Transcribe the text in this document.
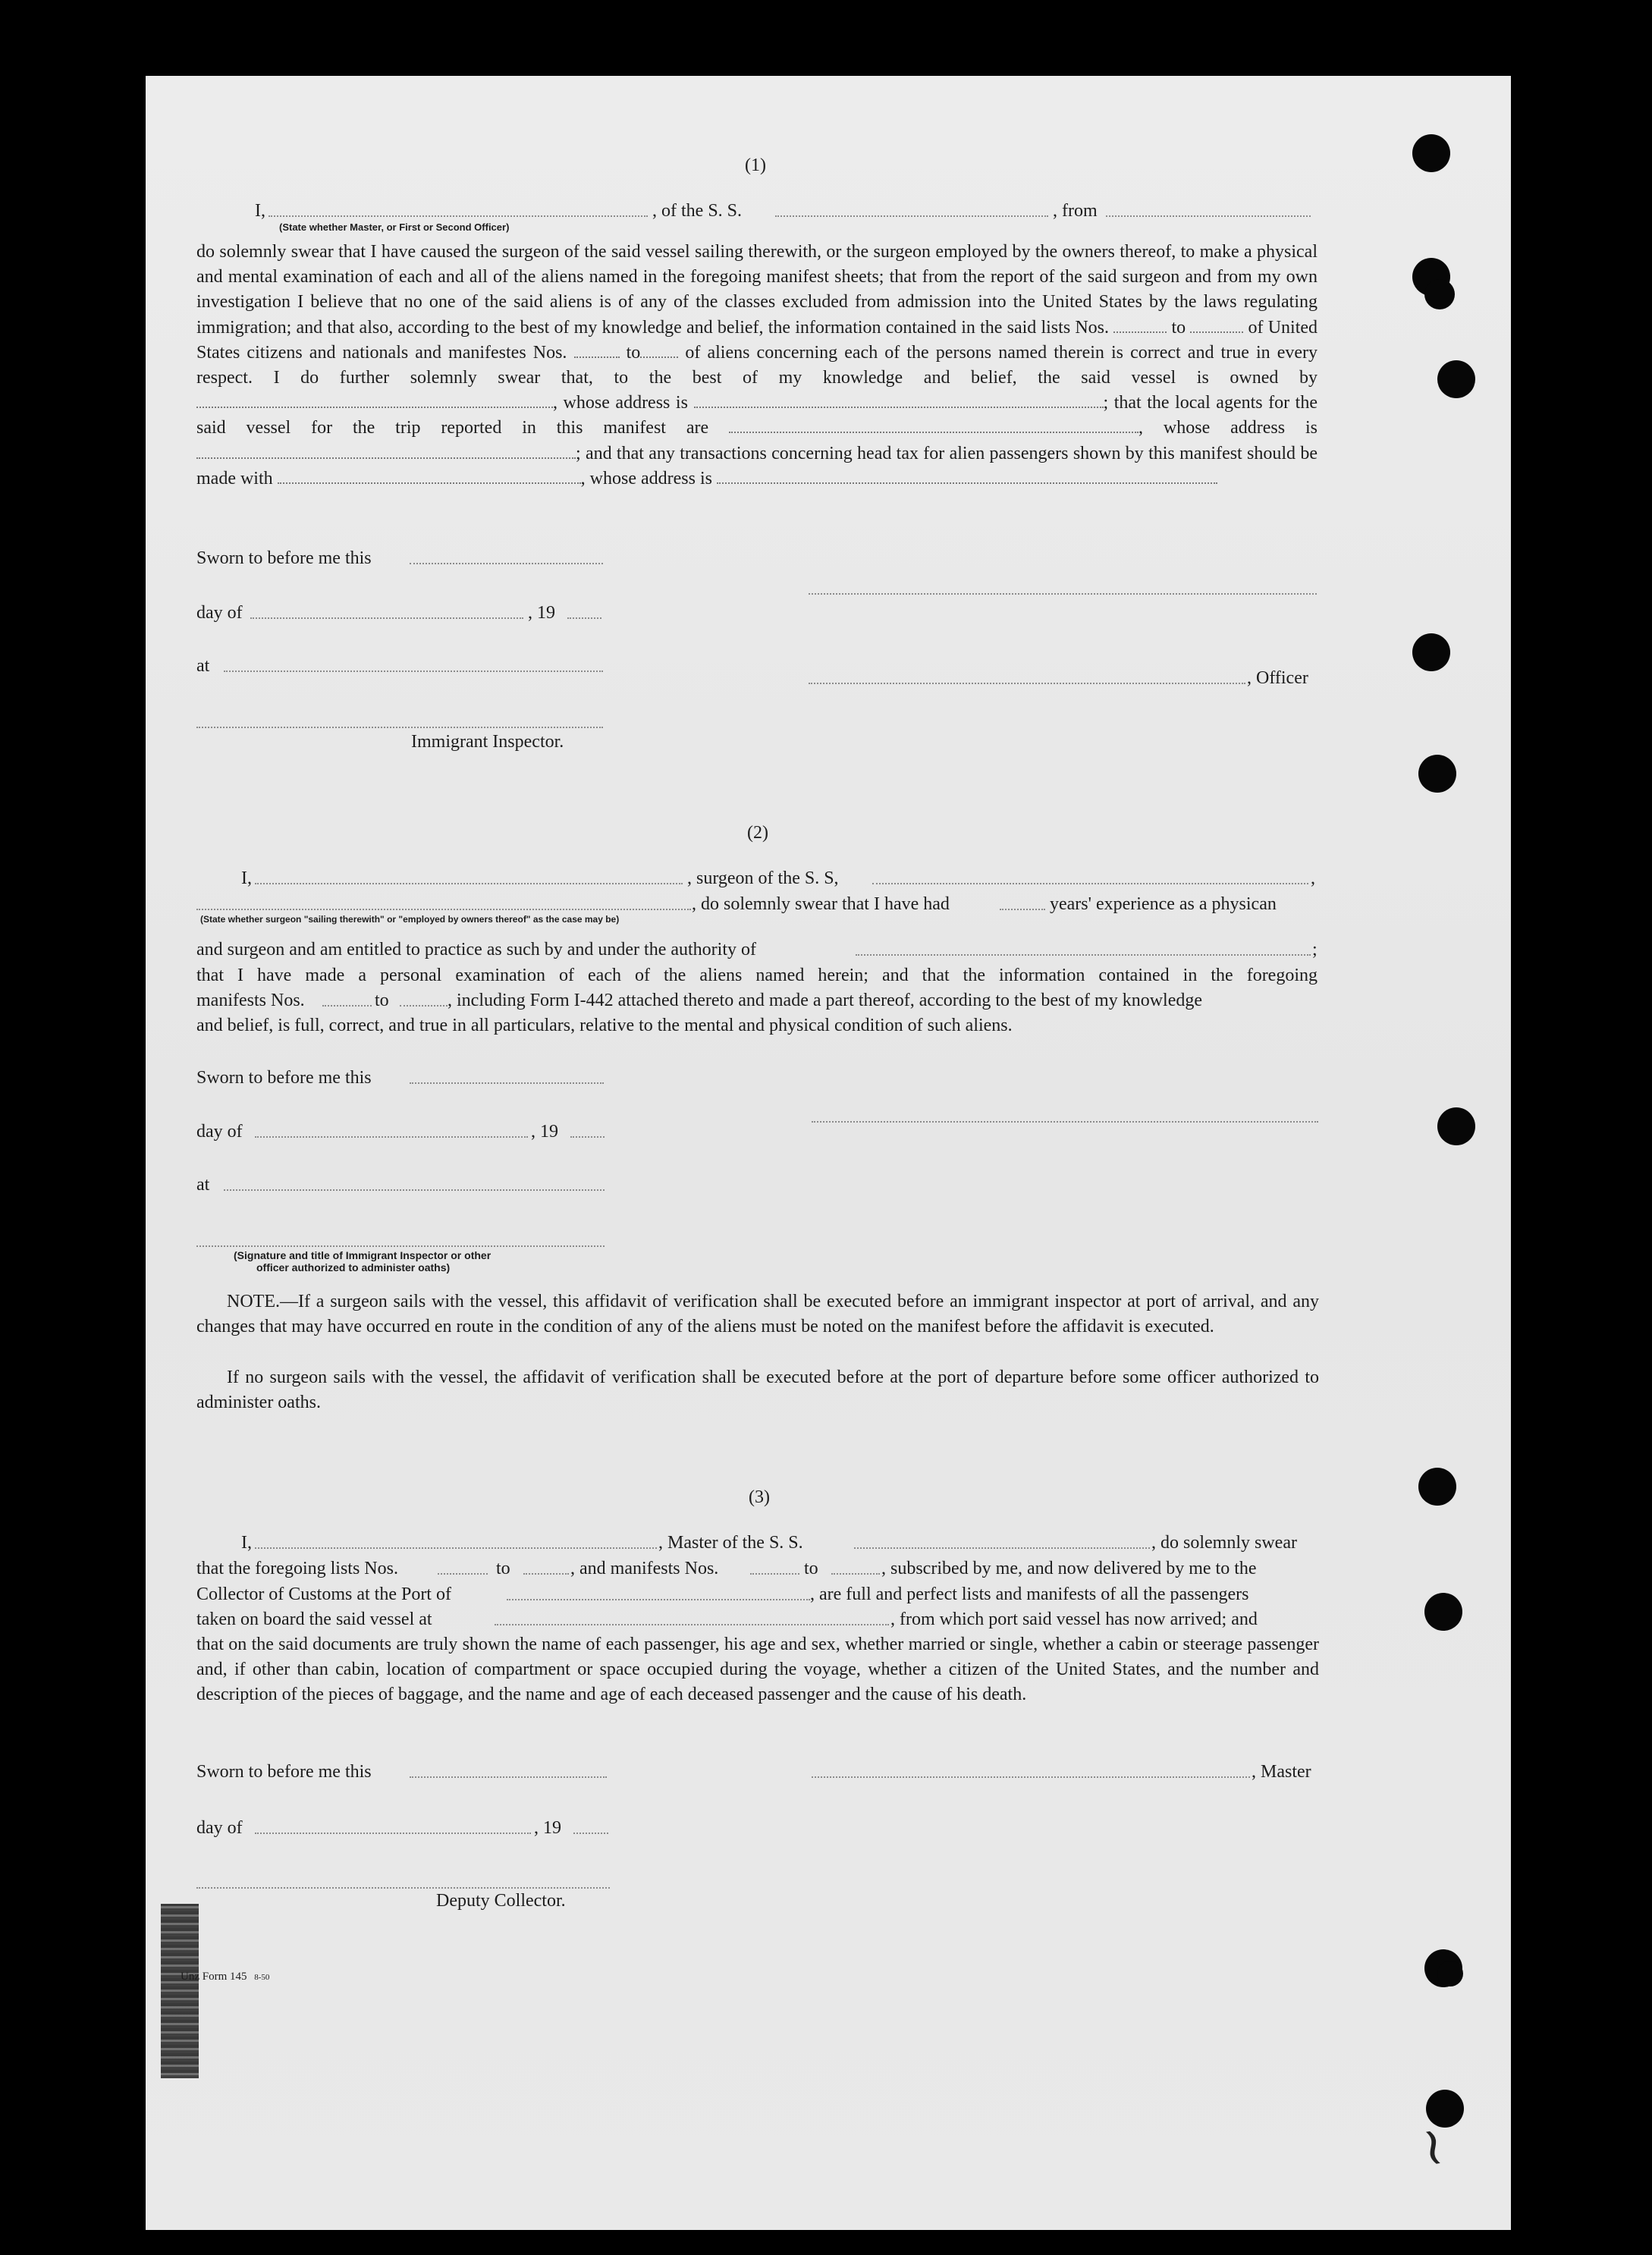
(1)
I,	, of the S. S.	, from
(State whether Master, or First or Second Officer)
do solemnly swear that I have caused the surgeon of the said vessel sailing therewith, or the surgeon employed by the owners thereof, to make a physical and mental examination of each and all of the aliens named in the foregoing manifest sheets; that from the report of the said surgeon and from my own investigation I believe that no one of the said aliens is of any of the classes excluded from admission into the United States by the laws regulating immigration; and that also, according to the best of my knowledge and belief, the information contained in the said lists Nos.	to	of United States citizens and nationals and manifestes Nos.	to of aliens concerning each of the persons named therein is correct and true in every respect. I do further solemnly swear that, to the best of my knowledge and belief, the said vessel is owned by , whose address is	; that the local agents for the said vessel for the trip reported in this manifest are	, whose address is ; and that any transactions concerning head tax for alien passengers shown by this manifest should be made with	, whose address is
Sworn to before me this
day of	, 19
at
, Officer
Immigrant Inspector.
(2)
I,	, surgeon of the S. S,	,
, do solemnly swear that I have had	years' experience as a physican
(State whether surgeon "sailing therewith" or "employed by owners thereof" as the case may be)
and surgeon and am entitled to practice as such by and under the authority of	;
that I have made a personal examination of each of the aliens named herein; and that the information contained in the foregoing
manifests Nos.	to	, including Form I-442 attached thereto and made a part thereof, according to the best of my knowledge
and belief, is full, correct, and true in all particulars, relative to the mental and physical condition of such aliens.
Sworn to before me this
day of	, 19
at
(Signature and title of Immigrant Inspector or other
officer authorized to administer oaths)
NOTE.—If a surgeon sails with the vessel, this affidavit of verification shall be executed before an immigrant inspector at port of arrival, and any changes that may have occurred en route in the condition of any of the aliens must be noted on the manifest before the affidavit is executed.
If no surgeon sails with the vessel, the affidavit of verification shall be executed before at the port of departure before some officer authorized to administer oaths.
(3)
I,	, Master of the S. S.	, do solemnly swear
that the foregoing lists Nos.	to	, and manifests Nos.	to	, subscribed by me, and now delivered by me to the
Collector of Customs at the Port of	, are full and perfect lists and manifests of all the passengers
taken on board the said vessel at	, from which port said vessel has now arrived; and
that on the said documents are truly shown the name of each passenger, his age and sex, whether married or single, whether a cabin or steerage passenger and, if other than cabin, location of compartment or space occupied during the voyage, whether a citizen of the United States, and the number and description of the pieces of baggage, and the name and age of each deceased passenger and the cause of his death.
Sworn to before me this	, Master
day of	, 19
Deputy Collector.
Unz Form 145 8-50
~
